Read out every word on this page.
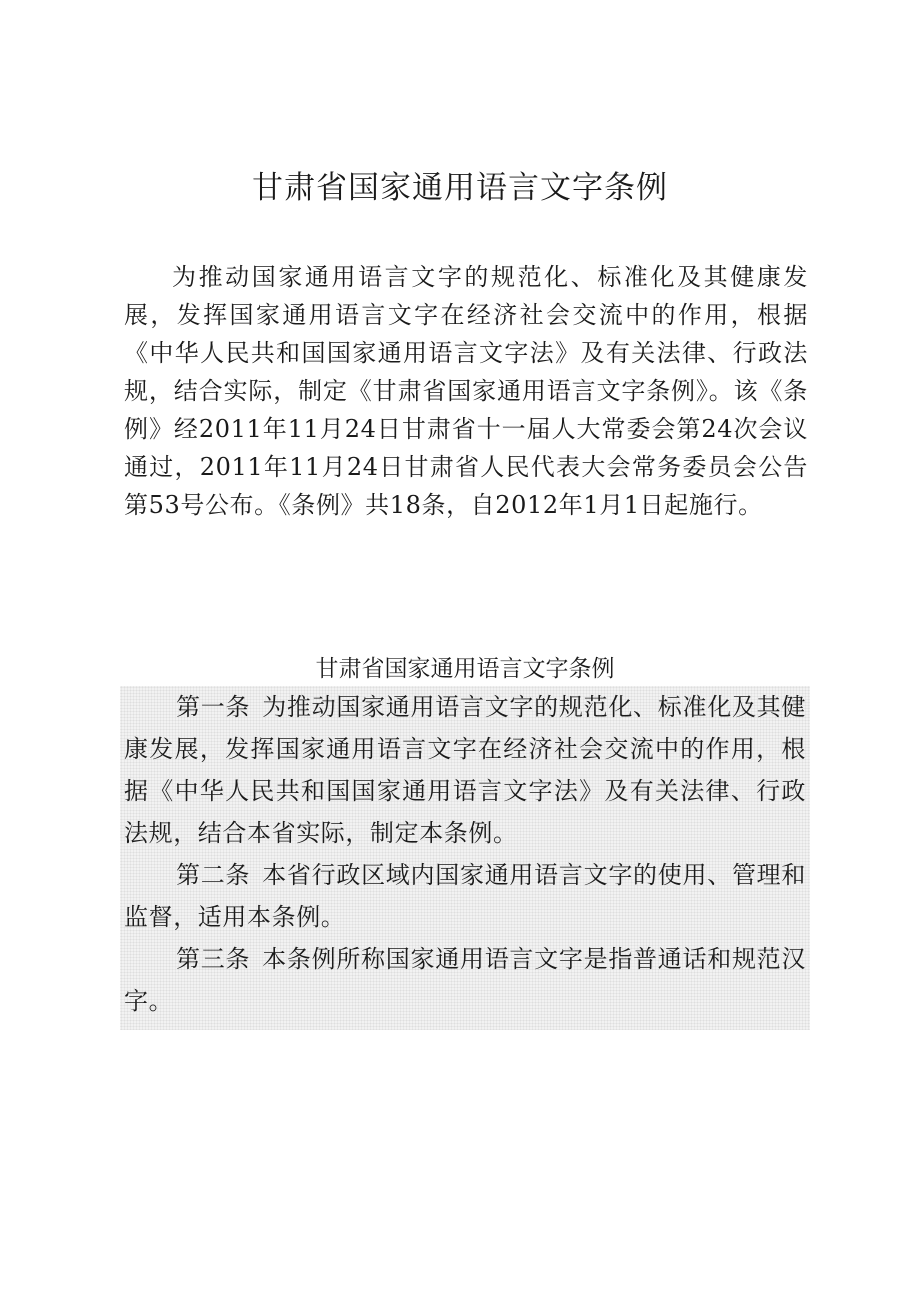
甘肃省国家通用语言文字条例

为推动国家通用语言文字的规范化、标准化及其健康发展，发挥国家通用语言文字在经济社会交流中的作用，根据《中华人民共和国国家通用语言文字法》及有关法律、行政法规，结合实际，制定《甘肃省国家通用语言文字条例》。该《条例》经2011年11月24日甘肃省十一届人大常委会第24次会议通过，2011年11月24日甘肃省人民代表大会常务委员会公告第53号公布。《条例》共18条，自2012年1月1日起施行。

甘肃省国家通用语言文字条例

第一条 为推动国家通用语言文字的规范化、标准化及其健康发展，发挥国家通用语言文字在经济社会交流中的作用，根据《中华人民共和国国家通用语言文字法》及有关法律、行政法规，结合本省实际，制定本条例。

第二条 本省行政区域内国家通用语言文字的使用、管理和监督，适用本条例。

第三条 本条例所称国家通用语言文字是指普通话和规范汉字。
